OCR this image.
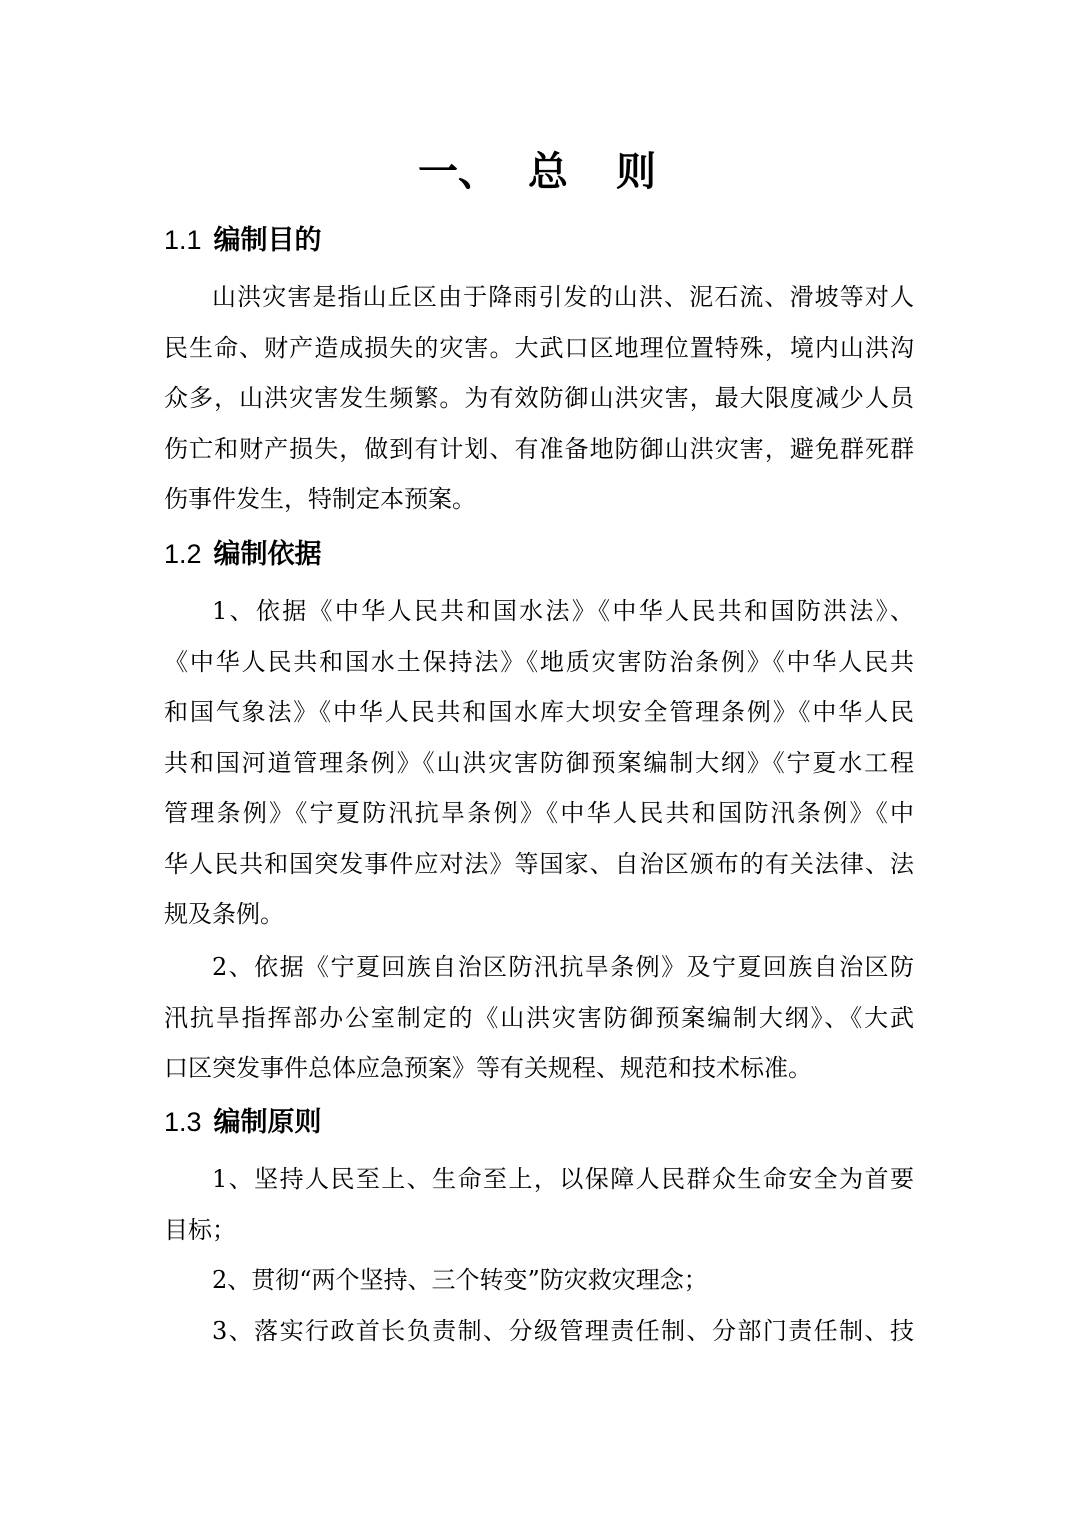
一、 总 则
1.1 编制目的

山洪灾害是指山丘区由于降雨引发的山洪、泥石流、滑坡等对人
民生命、财产造成损失的灾害。大武口区地理位置特殊，境内山洪沟
众多，山洪灾害发生频繁。为有效防御山洪灾害，最大限度减少人员
伤亡和财产损失，做到有计划、有准备地防御山洪灾害，避免群死群
伤事件发生，特制定本预案。

1.2 编制依据

1、依据《中华人民共和国水法》《中华人民共和国防洪法》、
《中华人民共和国水土保持法》《地质灾害防治条例》《中华人民共
和国气象法》《中华人民共和国水库大坝安全管理条例》《中华人民
共和国河道管理条例》《山洪灾害防御预案编制大纲》《宁夏水工程
管理条例》《宁夏防汛抗旱条例》《中华人民共和国防汛条例》《中
华人民共和国突发事件应对法》等国家、自治区颁布的有关法律、法
规及条例。

2、依据《宁夏回族自治区防汛抗旱条例》及宁夏回族自治区防
汛抗旱指挥部办公室制定的《山洪灾害防御预案编制大纲》、《大武
口区突发事件总体应急预案》等有关规程、规范和技术标准。

1.3 编制原则

1、坚持人民至上、生命至上，以保障人民群众生命安全为首要
目标；

2、贯彻“两个坚持、三个转变”防灾救灾理念；

3、落实行政首长负责制、分级管理责任制、分部门责任制、技
